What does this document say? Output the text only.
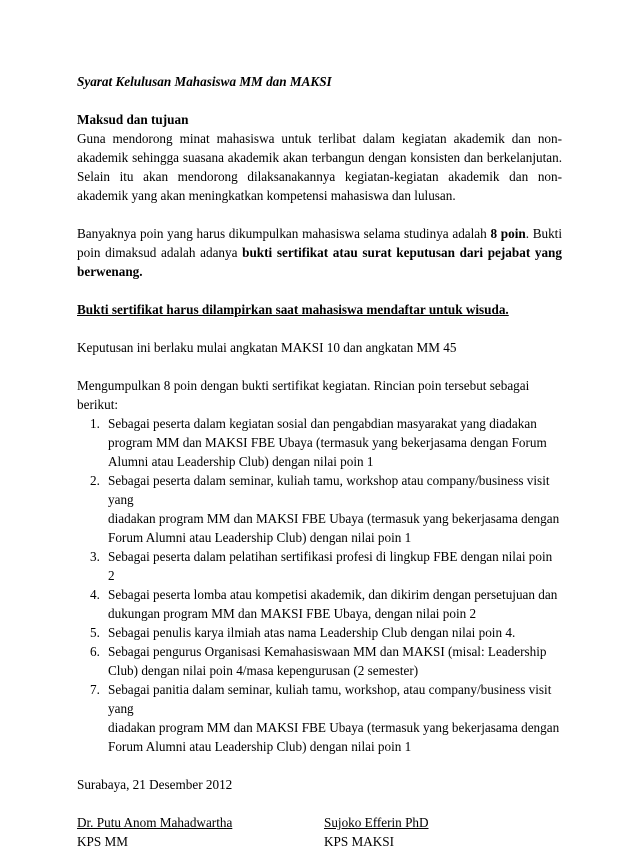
Syarat Kelulusan Mahasiswa MM dan MAKSI

Maksud dan tujuan

Guna mendorong minat mahasiswa untuk terlibat dalam kegiatan akademik dan non-akademik sehingga suasana akademik akan terbangun dengan konsisten dan berkelanjutan. Selain itu akan mendorong dilaksanakannya kegiatan-kegiatan akademik dan non-akademik yang akan meningkatkan kompetensi mahasiswa dan lulusan.

Banyaknya poin yang harus dikumpulkan mahasiswa selama studinya adalah 8 poin. Bukti poin dimaksud adalah adanya bukti sertifikat atau surat keputusan dari pejabat yang berwenang.

Bukti sertifikat harus dilampirkan saat mahasiswa mendaftar untuk wisuda.

Keputusan ini berlaku mulai angkatan MAKSI 10 dan angkatan MM 45

Mengumpulkan 8 poin dengan bukti sertifikat kegiatan. Rincian poin tersebut sebagai berikut:

1. Sebagai peserta dalam kegiatan sosial dan pengabdian masyarakat yang diadakan
program MM dan MAKSI FBE Ubaya (termasuk yang bekerjasama dengan Forum
Alumni atau Leadership Club) dengan nilai poin 1
2. Sebagai peserta dalam seminar, kuliah tamu, workshop atau company/business visit yang
diadakan program MM dan MAKSI FBE Ubaya (termasuk yang bekerjasama dengan
Forum Alumni atau Leadership Club) dengan nilai poin 1
3. Sebagai peserta dalam pelatihan sertifikasi profesi di lingkup FBE dengan nilai poin 2
4. Sebagai peserta lomba atau kompetisi akademik, dan dikirim dengan persetujuan dan
dukungan program MM dan MAKSI FBE Ubaya, dengan nilai poin 2
5. Sebagai penulis karya ilmiah atas nama Leadership Club dengan nilai poin 4.
6. Sebagai pengurus Organisasi Kemahasiswaan MM dan MAKSI (misal: Leadership
Club) dengan nilai poin 4/masa kepengurusan (2 semester)
7. Sebagai panitia dalam seminar, kuliah tamu, workshop, atau company/business visit yang
diadakan program MM dan MAKSI FBE Ubaya (termasuk yang bekerjasama dengan
Forum Alumni atau Leadership Club) dengan nilai poin 1

Surabaya, 21 Desember 2012

Dr. Putu Anom Mahadwartha
KPS MM
Sujoko Efferin PhD
KPS MAKSI
